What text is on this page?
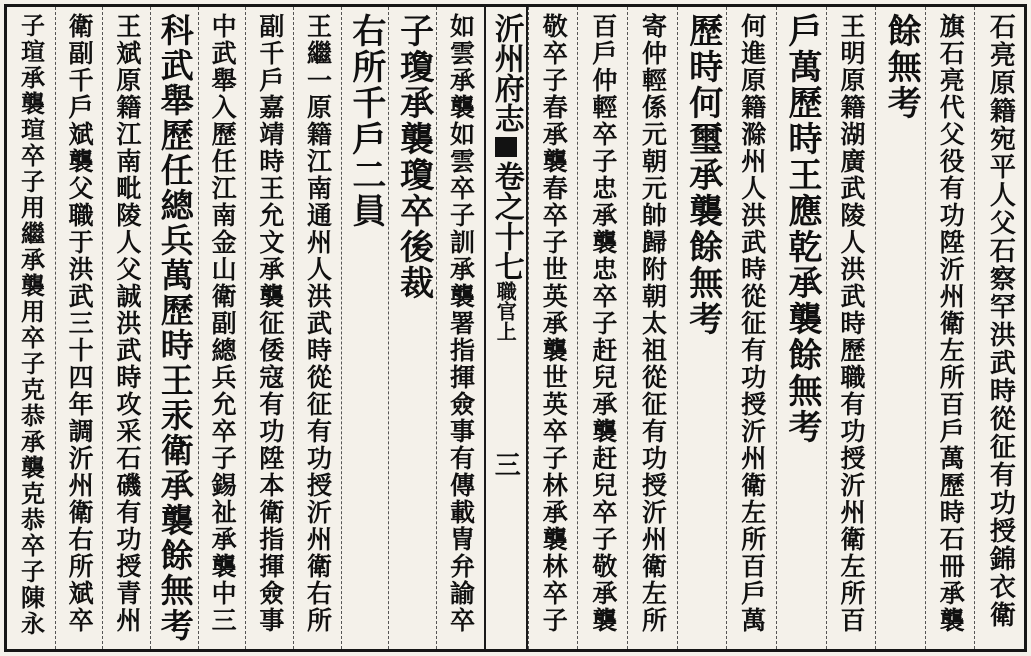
石亮原籍宛平人父石察罕洪武時從征有功授錦衣衛
旗石亮代父役有功陞沂州衛左所百戶萬歷時石冊承襲
餘無考
王明原籍湖廣武陵人洪武時歷職有功授沂州衛左所百
戶萬歷時王應乾承襲餘無考
何進原籍滁州人洪武時從征有功授沂州衛左所百戶萬
歷時何璽承襲餘無考
寄仲輕係元朝元帥歸附朝太祖從征有功授沂州衛左所
百戶仲輕卒子忠承襲忠卒子赶兒承襲赶兒卒子敬承襲
敬卒子春承襲春卒子世英承襲世英卒子林承襲林卒子
沂州府志
卷之十七
職官上
三
如雲承襲如雲卒子訓承襲署指揮僉事有傳載冑弁諭卒
子瓊承襲瓊卒後裁
右所千戶二員
王繼一原籍江南通州人洪武時從征有功授沂州衛右所
副千戶嘉靖時王允文承襲征倭寇有功陞本衛指揮僉事
中武舉入歷任江南金山衛副總兵允卒子錫祉承襲中三
科武舉歷任總兵萬歷時王汞衛承襲餘無考
王斌原籍江南毗陵人父誠洪武時攻采石磯有功授青州
衛副千戶斌襲父職于洪武三十四年調沂州衛右所斌卒
子瑄承襲瑄卒子用繼承襲用卒子克恭承襲克恭卒子陳永
